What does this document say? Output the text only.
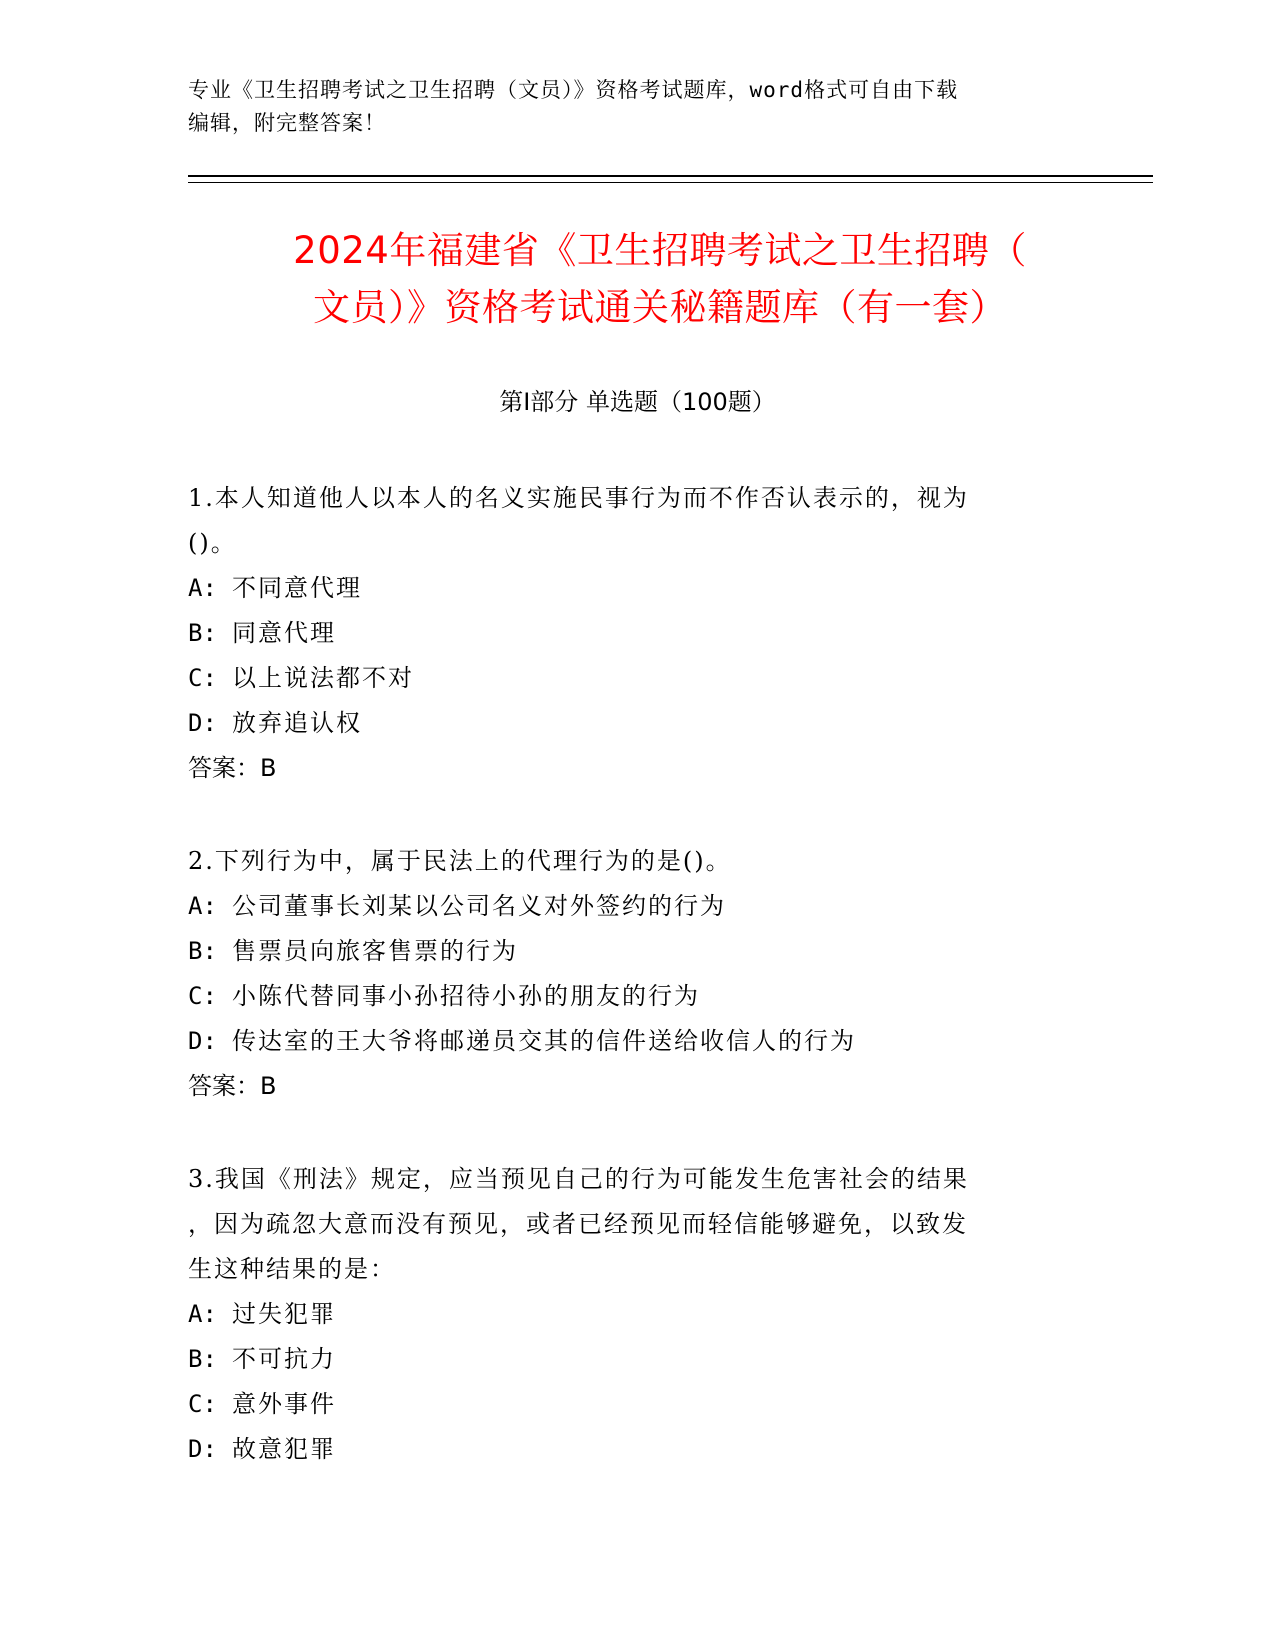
专业《卫生招聘考试之卫生招聘（文员）》资格考试题库，word格式可自由下载
编辑，附完整答案！
2024年福建省《卫生招聘考试之卫生招聘（
文员）》资格考试通关秘籍题库（有一套）
第Ⅰ部分 单选题（100题）
1.本人知道他人以本人的名义实施民事行为而不作否认表示的，视为
()。
A: 不同意代理
B: 同意代理
C: 以上说法都不对
D: 放弃追认权
答案：B
2.下列行为中，属于民法上的代理行为的是()。
A: 公司董事长刘某以公司名义对外签约的行为
B: 售票员向旅客售票的行为
C: 小陈代替同事小孙招待小孙的朋友的行为
D: 传达室的王大爷将邮递员交其的信件送给收信人的行为
答案：B
3.我国《刑法》规定，应当预见自己的行为可能发生危害社会的结果
，因为疏忽大意而没有预见，或者已经预见而轻信能够避免，以致发
生这种结果的是：
A: 过失犯罪
B: 不可抗力
C: 意外事件
D: 故意犯罪
